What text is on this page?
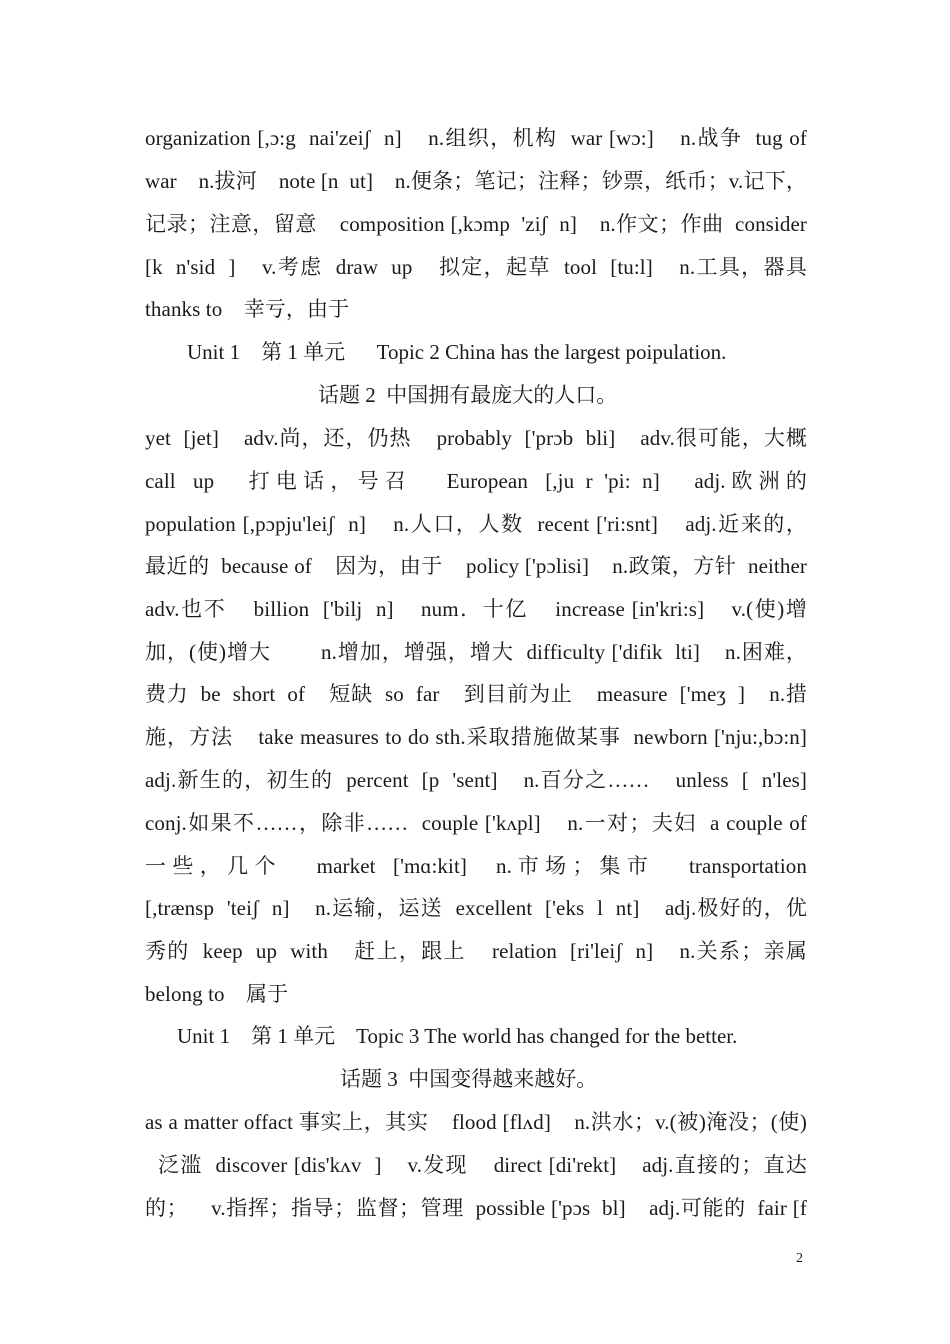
organization [,ɔ:g  nai'zeiʃ  n]    n.组织，机构  war [wɔ:]    n.战争  tug of
war    n.拔河    note [n  ut]    n.便条；笔记；注释；钞票，纸币；v.记下，
记录；注意，留意    composition [,kɔmp  'ziʃ  n]    n.作文；作曲  consider
[k  n'sid  ]    v.考虑  draw  up    拟定，起草  tool  [tu:l]    n.工具，器具
thanks to    幸亏，由于
Unit 1    第 1 单元      Topic 2 China has the largest poipulation.
话题 2  中国拥有最庞大的人口。
yet  [jet]    adv.尚，还，仍热    probably  ['prɔb  bli]    adv.很可能，大概
call   up      打 电 话 ， 号 召       European   [,ju  r  'pi:  n]      adj. 欧 洲 的
population [,pɔpju'leiʃ  n]    n.人口，人数  recent ['ri:snt]    adj.近来的，
最近的  because of    因为，由于    policy ['pɔlisi]    n.政策，方针  neither
adv.也不    billion  ['bilj  n]    num．十亿    increase [in'kri:s]    v.(使)增
加，(使)增大        n.增加，增强，增大  difficulty ['difik  lti]    n.困难，
费力  be  short  of    短缺  so  far    到目前为止    measure  ['meʒ  ]    n.措
施，方法    take measures to do sth.采取措施做某事  newborn ['nju:,bɔ:n]
adj.新生的，初生的  percent  [p  'sent]    n.百分之……    unless  [  n'les]
conj.如果不……，除非……  couple ['kʌpl]    n.一对；夫妇  a couple of
一 些 ， 几 个       market   ['mɑ:kit]     n. 市 场 ； 集 市       transportation
[,trænsp  'teiʃ  n]    n.运输，运送  excellent  ['eks  l  nt]    adj.极好的，优
秀的  keep  up  with    赶上，跟上    relation  [ri'leiʃ  n]    n.关系；亲属
belong to    属于
Unit 1    第 1 单元    Topic 3 The world has changed for the better.
话题 3  中国变得越来越好。
as a matter offact 事实上，其实    flood [flʌd]    n.洪水；v.(被)淹没；(使)
泛滥  discover [dis'kʌv  ]    v.发现    direct [di'rekt]    adj.直接的；直达
的；    v.指挥；指导；监督；管理  possible ['pɔs  bl]    adj.可能的  fair [f
2
